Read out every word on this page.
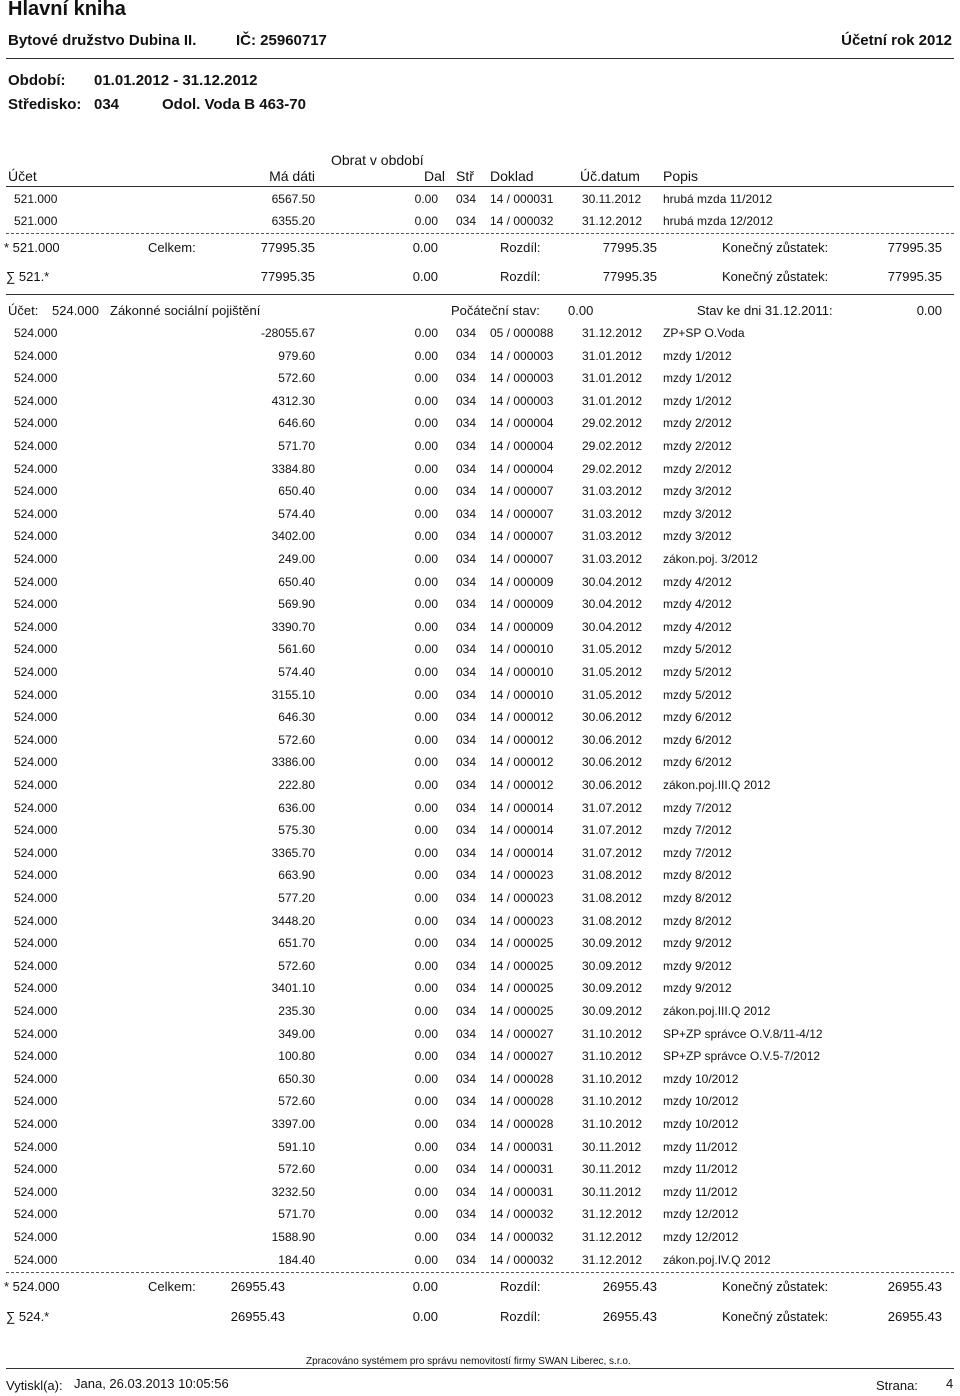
Hlavní kniha
Bytové družstvo Dubina II.	IČ: 25960717	Účetní rok 2012
Období: 01.01.2012 - 31.12.2012
Středisko: 034	Odol. Voda B 463-70
Účet
Obrat v období
Má dáti	Dal Stř Doklad	Úč.datum Popis
521.000	6567.50	0.00 034 14 / 000031 30.11.2012 hrubá mzda 11/2012
521.000	6355.20	0.00 034 14 / 000032 31.12.2012 hrubá mzda 12/2012
* 521.000	Celkem:	77995.35	0.00	Rozdíl:	77995.35	Konečný zůstatek:	77995.35
∑ 521.*	77995.35	0.00	Rozdíl:	77995.35	Konečný zůstatek:	77995.35
Účet: 524.000 Zákonné sociální pojištění	Počáteční stav: 0.00	Stav ke dni 31.12.2011:	0.00
524.000	-28055.67	0.00 034 05 / 000088 31.12.2012 ZP+SP O.Voda
524.000	979.60	0.00 034 14 / 000003 31.01.2012 mzdy 1/2012
524.000	572.60	0.00 034 14 / 000003 31.01.2012 mzdy 1/2012
524.000	4312.30	0.00 034 14 / 000003 31.01.2012 mzdy 1/2012
524.000	646.60	0.00 034 14 / 000004 29.02.2012 mzdy 2/2012
524.000	571.70	0.00 034 14 / 000004 29.02.2012 mzdy 2/2012
524.000	3384.80	0.00 034 14 / 000004 29.02.2012 mzdy 2/2012
524.000	650.40	0.00 034 14 / 000007 31.03.2012 mzdy 3/2012
524.000	574.40	0.00 034 14 / 000007 31.03.2012 mzdy 3/2012
524.000	3402.00	0.00 034 14 / 000007 31.03.2012 mzdy 3/2012
524.000	249.00	0.00 034 14 / 000007 31.03.2012 zákon.poj. 3/2012
524.000	650.40	0.00 034 14 / 000009 30.04.2012 mzdy 4/2012
524.000	569.90	0.00 034 14 / 000009 30.04.2012 mzdy 4/2012
524.000	3390.70	0.00 034 14 / 000009 30.04.2012 mzdy 4/2012
524.000	561.60	0.00 034 14 / 000010 31.05.2012 mzdy 5/2012
524.000	574.40	0.00 034 14 / 000010 31.05.2012 mzdy 5/2012
524.000	3155.10	0.00 034 14 / 000010 31.05.2012 mzdy 5/2012
524.000	646.30	0.00 034 14 / 000012 30.06.2012 mzdy 6/2012
524.000	572.60	0.00 034 14 / 000012 30.06.2012 mzdy 6/2012
524.000	3386.00	0.00 034 14 / 000012 30.06.2012 mzdy 6/2012
524.000	222.80	0.00 034 14 / 000012 30.06.2012 zákon.poj.III.Q 2012
524.000	636.00	0.00 034 14 / 000014 31.07.2012 mzdy 7/2012
524.000	575.30	0.00 034 14 / 000014 31.07.2012 mzdy 7/2012
524.000	3365.70	0.00 034 14 / 000014 31.07.2012 mzdy 7/2012
524.000	663.90	0.00 034 14 / 000023 31.08.2012 mzdy 8/2012
524.000	577.20	0.00 034 14 / 000023 31.08.2012 mzdy 8/2012
524.000	3448.20	0.00 034 14 / 000023 31.08.2012 mzdy 8/2012
524.000	651.70	0.00 034 14 / 000025 30.09.2012 mzdy 9/2012
524.000	572.60	0.00 034 14 / 000025 30.09.2012 mzdy 9/2012
524.000	3401.10	0.00 034 14 / 000025 30.09.2012 mzdy 9/2012
524.000	235.30	0.00 034 14 / 000025 30.09.2012 zákon.poj.III.Q 2012
524.000	349.00	0.00 034 14 / 000027 31.10.2012 SP+ZP správce O.V.8/11-4/12
524.000	100.80	0.00 034 14 / 000027 31.10.2012 SP+ZP správce O.V.5-7/2012
524.000	650.30	0.00 034 14 / 000028 31.10.2012 mzdy 10/2012
524.000	572.60	0.00 034 14 / 000028 31.10.2012 mzdy 10/2012
524.000	3397.00	0.00 034 14 / 000028 31.10.2012 mzdy 10/2012
524.000	591.10	0.00 034 14 / 000031 30.11.2012 mzdy 11/2012
524.000	572.60	0.00 034 14 / 000031 30.11.2012 mzdy 11/2012
524.000	3232.50	0.00 034 14 / 000031 30.11.2012 mzdy 11/2012
524.000	571.70	0.00 034 14 / 000032 31.12.2012 mzdy 12/2012
524.000	1588.90	0.00 034 14 / 000032 31.12.2012 mzdy 12/2012
524.000	184.40	0.00 034 14 / 000032 31.12.2012 zákon.poj.IV.Q 2012
* 524.000	Celkem:	26955.43	0.00	Rozdíl:	26955.43	Konečný zůstatek:	26955.43
∑ 524.*	26955.43	0.00	Rozdíl:	26955.43	Konečný zůstatek:	26955.43
Zpracováno systémem pro správu nemovitostí firmy SWAN Liberec, s.r.o.
Vytiskl(a): Jana, 26.03.2013 10:05:56	Strana: 4
